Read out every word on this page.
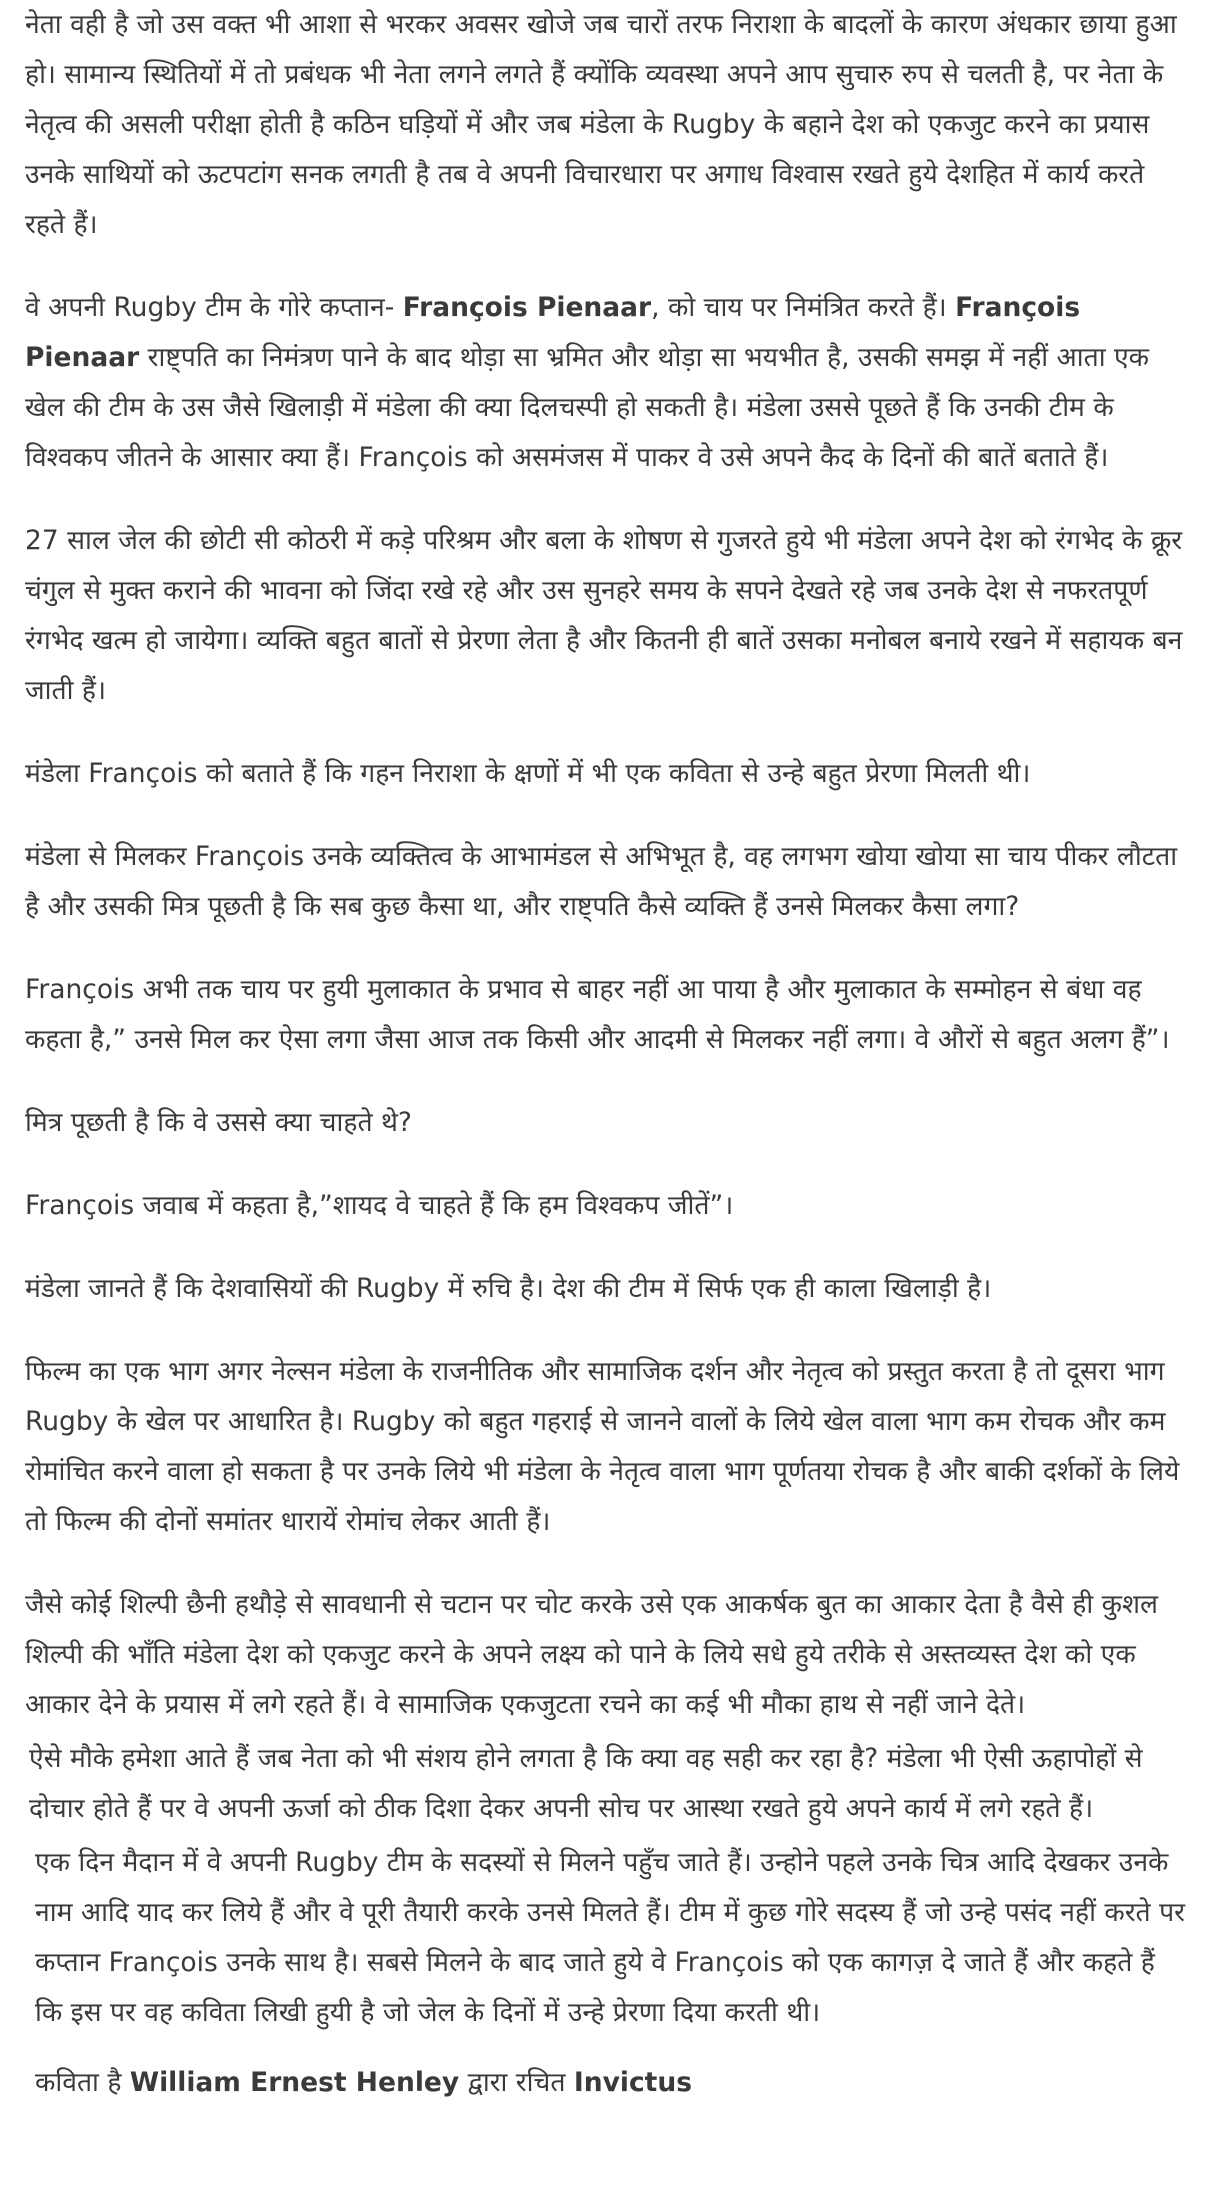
नेता वही है जो उस वक्त भी आशा से भरकर अवसर खोजे जब चारों तरफ निराशा के बादलों के कारण अंधकार छाया हुआ हो। सामान्य स्थितियों में तो प्रबंधक भी नेता लगने लगते हैं क्योंकि व्यवस्था अपने आप सुचारु रुप से चलती है, पर नेता के नेतृत्व की असली परीक्षा होती है कठिन घड़ियों में और जब मंडेला के Rugby के बहाने देश को एकजुट करने का प्रयास उनके साथियों को ऊटपटांग सनक लगती है तब वे अपनी विचारधारा पर अगाध विश्वास रखते हुये देशहित में कार्य करते रहते हैं।

वे अपनी Rugby टीम के गोरे कप्तान- François Pienaar, को चाय पर निमंत्रित करते हैं। François Pienaar राष्ट्पति का निमंत्रण पाने के बाद थोड़ा सा भ्रमित और थोड़ा सा भयभीत है, उसकी समझ में नहीं आता एक खेल की टीम के उस जैसे खिलाड़ी में मंडेला की क्या दिलचस्पी हो सकती है। मंडेला उससे पूछते हैं कि उनकी टीम के विश्वकप जीतने के आसार क्या हैं। François को असमंजस में पाकर वे उसे अपने कैद के दिनों की बातें बताते हैं।

27 साल जेल की छोटी सी कोठरी में कड़े परिश्रम और बला के शोषण से गुजरते हुये भी मंडेला अपने देश को रंगभेद के क्रूर चंगुल से मुक्त कराने की भावना को जिंदा रखे रहे और उस सुनहरे समय के सपने देखते रहे जब उनके देश से नफरतपूर्ण रंगभेद खत्म हो जायेगा। व्यक्ति बहुत बातों से प्रेरणा लेता है और कितनी ही बातें उसका मनोबल बनाये रखने में सहायक बन जाती हैं।

मंडेला François को बताते हैं कि गहन निराशा के क्षणों में भी एक कविता से उन्हे बहुत प्रेरणा मिलती थी।

मंडेला से मिलकर François उनके व्यक्तित्व के आभामंडल से अभिभूत है, वह लगभग खोया खोया सा चाय पीकर लौटता है और उसकी मित्र पूछती है कि सब कुछ कैसा था, और राष्ट्पति कैसे व्यक्ति हैं उनसे मिलकर कैसा लगा?

François अभी तक चाय पर हुयी मुलाकात के प्रभाव से बाहर नहीं आ पाया है और मुलाकात के सम्मोहन से बंधा वह कहता है,” उनसे मिल कर ऐसा लगा जैसा आज तक किसी और आदमी से मिलकर नहीं लगा। वे औरों से बहुत अलग हैं”।

मित्र पूछती है कि वे उससे क्या चाहते थे?

François जवाब में कहता है,”शायद वे चाहते हैं कि हम विश्वकप जीतें”।

मंडेला जानते हैं कि देशवासियों की Rugby में रुचि है। देश की टीम में सिर्फ एक ही काला खिलाड़ी है।

फिल्म का एक भाग अगर नेल्सन मंडेला के राजनीतिक और सामाजिक दर्शन और नेतृत्व को प्रस्तुत करता है तो दूसरा भाग Rugby के खेल पर आधारित है। Rugby को बहुत गहराई से जानने वालों के लिये खेल वाला भाग कम रोचक और कम रोमांचित करने वाला हो सकता है पर उनके लिये भी मंडेला के नेतृत्व वाला भाग पूर्णतया रोचक है और बाकी दर्शकों के लिये तो फिल्म की दोनों समांतर धारायें रोमांच लेकर आती हैं।

जैसे कोई शिल्पी छैनी हथौड़े से सावधानी से चटान पर चोट करके उसे एक आकर्षक बुत का आकार देता है वैसे ही कुशल शिल्पी की भाँति मंडेला देश को एकजुट करने के अपने लक्ष्य को पाने के लिये सधे हुये तरीके से अस्तव्यस्त देश को एक आकार देने के प्रयास में लगे रहते हैं। वे सामाजिक एकजुटता रचने का कई भी मौका हाथ से नहीं जाने देते।

ऐसे मौके हमेशा आते हैं जब नेता को भी संशय होने लगता है कि क्या वह सही कर रहा है? मंडेला भी ऐसी ऊहापोहों से दोचार होते हैं पर वे अपनी ऊर्जा को ठीक दिशा देकर अपनी सोच पर आस्था रखते हुये अपने कार्य में लगे रहते हैं।

एक दिन मैदान में वे अपनी Rugby टीम के सदस्यों से मिलने पहुँच जाते हैं। उन्होने पहले उनके चित्र आदि देखकर उनके नाम आदि याद कर लिये हैं और वे पूरी तैयारी करके उनसे मिलते हैं। टीम में कुछ गोरे सदस्य हैं जो उन्हे पसंद नहीं करते पर कप्तान François उनके साथ है। सबसे मिलने के बाद जाते हुये वे François को एक कागज़ दे जाते हैं और कहते हैं कि इस पर वह कविता लिखी हुयी है जो जेल के दिनों में उन्हे प्रेरणा दिया करती थी।

कविता है William Ernest Henley द्वारा रचित Invictus
